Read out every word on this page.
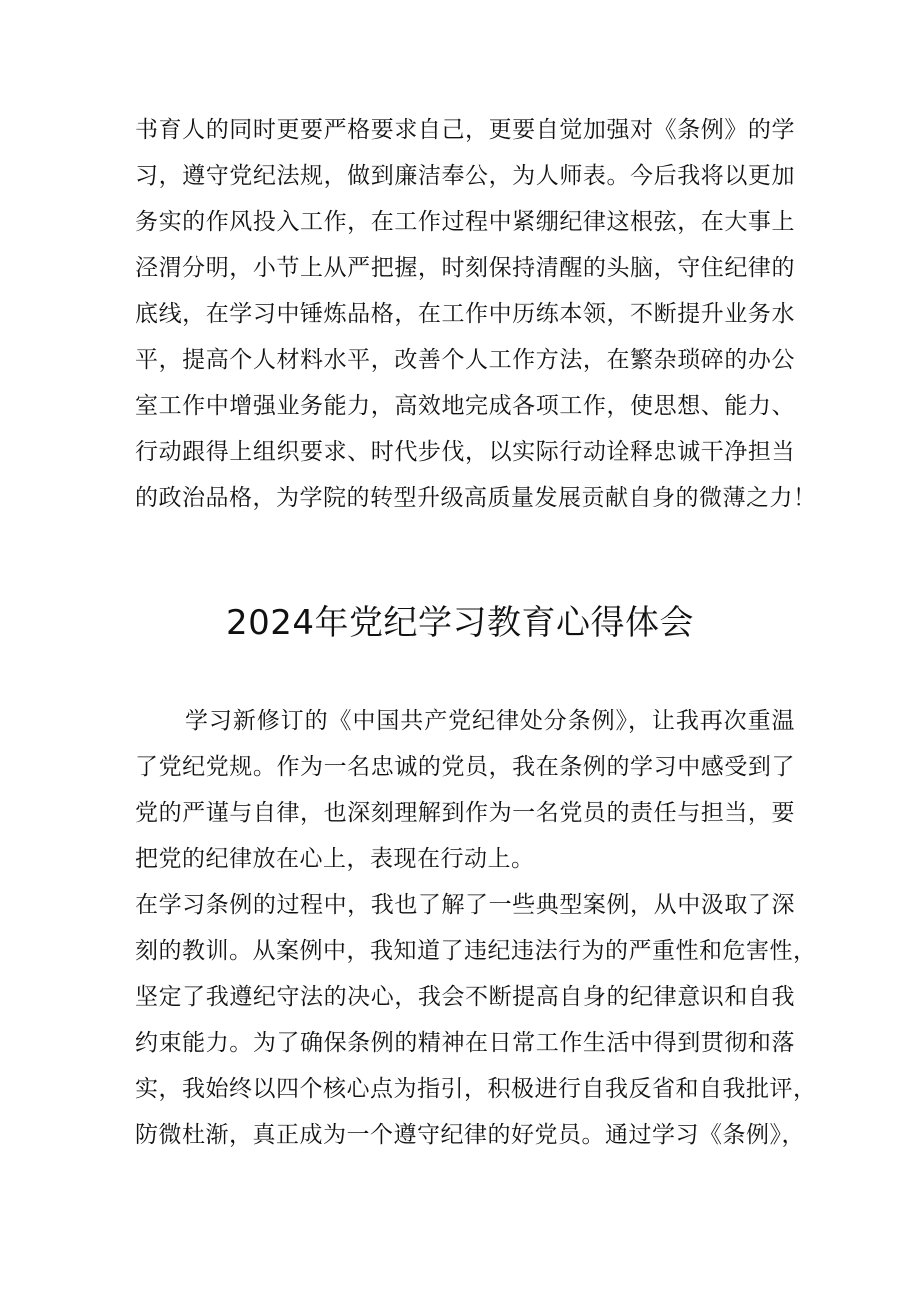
书育人的同时更要严格要求自己，更要自觉加强对《条例》的学
习，遵守党纪法规，做到廉洁奉公，为人师表。今后我将以更加
务实的作风投入工作，在工作过程中紧绷纪律这根弦，在大事上
泾渭分明，小节上从严把握，时刻保持清醒的头脑，守住纪律的
底线，在学习中锤炼品格，在工作中历练本领，不断提升业务水
平，提高个人材料水平，改善个人工作方法，在繁杂琐碎的办公
室工作中增强业务能力，高效地完成各项工作，使思想、能力、
行动跟得上组织要求、时代步伐，以实际行动诠释忠诚干净担当
的政治品格，为学院的转型升级高质量发展贡献自身的微薄之力！
2024年党纪学习教育心得体会
学习新修订的《中国共产党纪律处分条例》，让我再次重温
了党纪党规。作为一名忠诚的党员，我在条例的学习中感受到了
党的严谨与自律，也深刻理解到作为一名党员的责任与担当，要
把党的纪律放在心上，表现在行动上。
在学习条例的过程中，我也了解了一些典型案例，从中汲取了深
刻的教训。从案例中，我知道了违纪违法行为的严重性和危害性，
坚定了我遵纪守法的决心，我会不断提高自身的纪律意识和自我
约束能力。为了确保条例的精神在日常工作生活中得到贯彻和落
实，我始终以四个核心点为指引，积极进行自我反省和自我批评，
防微杜渐，真正成为一个遵守纪律的好党员。通过学习《条例》，
